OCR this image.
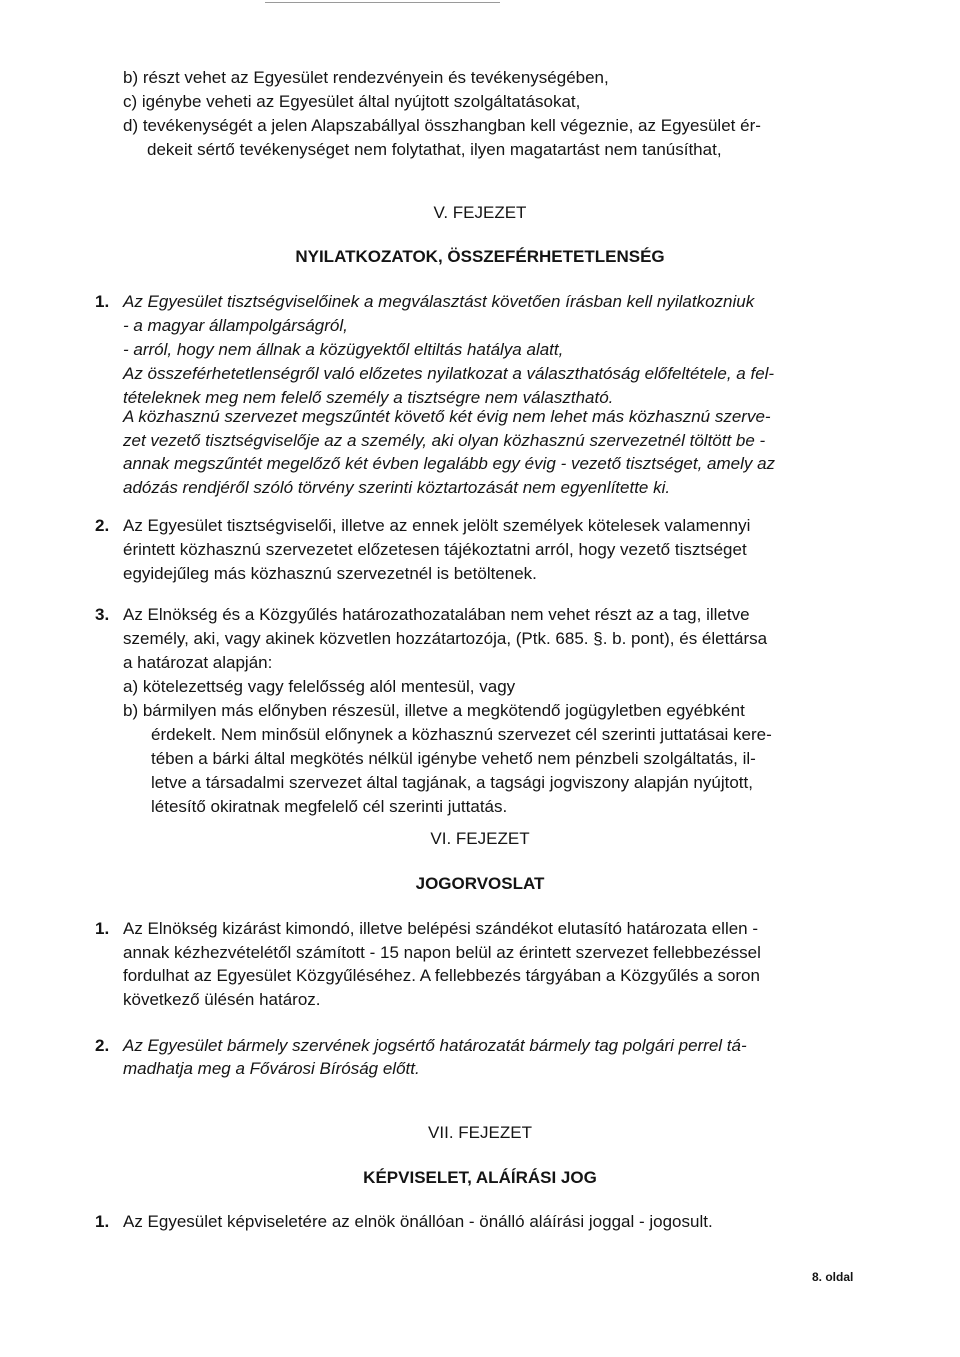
b) részt vehet az Egyesület rendezvényein és tevékenységében,
c) igénybe veheti az Egyesület által nyújtott szolgáltatásokat,
d) tevékenységét a jelen Alapszabállyal összhangban kell végeznie, az Egyesület ér-
dekeit sértő tevékenységet nem folytathat, ilyen magatartást nem tanúsíthat,
V. FEJEZET
NYILATKOZATOK, ÖSSZEFÉRHETETLENSÉG
1. Az Egyesület tisztségviselőinek a megválasztást követően írásban kell nyilatkozniuk
- a magyar állampolgárságról,
- arról, hogy nem állnak a közügyektől eltiltás hatálya alatt,
Az összeférhetetlenségről való előzetes nyilatkozat a választhatóság előfeltétele, a fel-
tételeknek meg nem felelő személy a tisztségre nem választható.
A közhasznú szervezet megszűntét követő két évig nem lehet más közhasznú szerve-
zet vezető tisztségviselője az a személy, aki olyan közhasznú szervezetnél töltött be -
annak megszűntét megelőző két évben legalább egy évig - vezető tisztséget, amely az
adózás rendjéről szóló törvény szerinti köztartozását nem egyenlítette ki.
2. Az Egyesület tisztségviselői, illetve az ennek jelölt személyek kötelesek valamennyi
érintett közhasznú szervezetet előzetesen tájékoztatni arról, hogy vezető tisztséget
egyidejűleg más közhasznú szervezetnél is betöltenek.
3. Az Elnökség és a Közgyűlés határozathozatalában nem vehet részt az a tag, illetve
személy, aki, vagy akinek közvetlen hozzátartozója, (Ptk. 685. §. b. pont), és élettársa
a határozat alapján:
a) kötelezettség vagy felelősség alól mentesül, vagy
b) bármilyen más előnyben részesül, illetve a megkötendő jogügyletben egyébként
érdekelt. Nem minősül előnynek a közhasznú szervezet cél szerinti juttatásai kere-
tében a bárki által megkötés nélkül igénybe vehető nem pénzbeli szolgáltatás, il-
letve a társadalmi szervezet által tagjának, a tagsági jogviszony alapján nyújtott,
létesítő okiratnak megfelelő cél szerinti juttatás.
VI. FEJEZET
JOGORVOSLAT
1. Az Elnökség kizárást kimondó, illetve belépési szándékot elutasító határozata ellen -
annak kézhezvételétől számított - 15 napon belül az érintett szervezet fellebbezéssel
fordulhat az Egyesület Közgyűléséhez. A fellebbezés tárgyában a Közgyűlés a soron
következő ülésén határoz.
2. Az Egyesület bármely szervének jogsértő határozatát bármely tag polgári perrel tá-
madhatja meg a Fővárosi Bíróság előtt.
VII. FEJEZET
KÉPVISELET, ALÁÍRÁSI JOG
1. Az Egyesület képviseletére az elnök önállóan - önálló aláírási joggal - jogosult.
8. oldal
